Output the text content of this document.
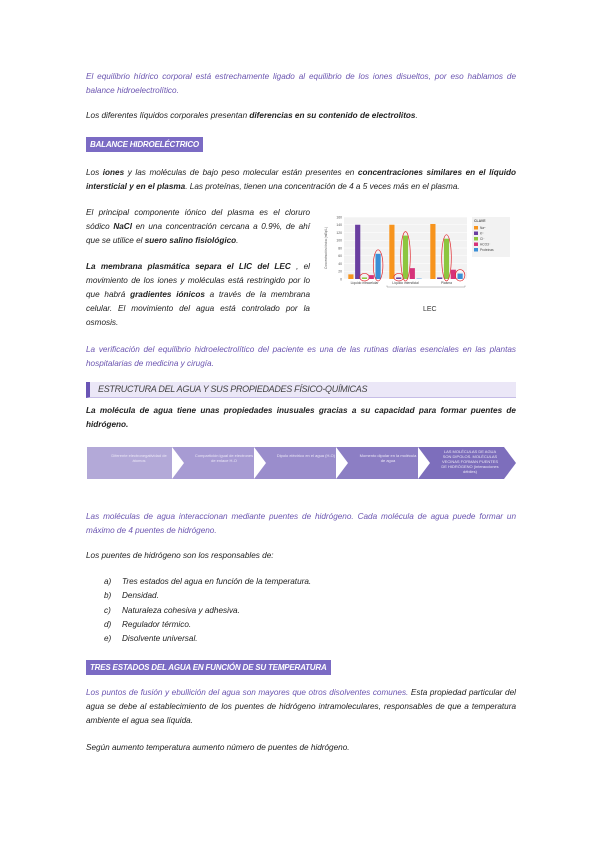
El equilibrio hídrico corporal está estrechamente ligado al equilibrio de los iones disueltos, por eso hablamos de balance hidroelectrolítico.
Los diferentes líquidos corporales presentan diferencias en su contenido de electrolitos.
BALANCE HIDROELÉCTRICO
Los iones y las moléculas de bajo peso molecular están presentes en concentraciones similares en el líquido intersticial y en el plasma. Las proteínas, tienen una concentración de 4 a 5 veces más en el plasma.
El principal componente iónico del plasma es el cloruro sódico NaCl en una concentración cercana a 0.9%, de ahí que se utilice el suero salino fisiológico.
La membrana plasmática separa el LIC del LEC , el movimiento de los iones y moléculas está restringido por lo que habrá gradientes iónicos a través de la membrana celular. El movimiento del agua está controlado por la osmosis.
0
20
40
60
80
100
120
140
160
Concentración iónica (mEq/L)
Líquido intracelular	Líquido intersticial	Plasma
CLAVE
Na⁺
K⁺
Cl⁻
HCO3⁻
Proteínas
LEC
La verificación del equilibrio hidroelectrolítico del paciente es una de las rutinas diarias esenciales en las plantas hospitalarias de medicina y cirugía.
ESTRUCTURA DEL AGUA Y SUS PROPIEDADES FÍSICO-QUÍMICAS
La molécula de agua tiene unas propiedades inusuales gracias a su capacidad para formar puentes de hidrógeno.
Diferente electronegatividad de átomos
Compartición igual de electrones de enlace H-O
Dipolo eléctrico en el agua (H-O)	Momento dipolar en la molécula de agua
LAS MOLÉCULAS DE AGUA SON DIPOLOS. MOLÉCULAS VECINAS FORMAN PUENTES DE HIDRÓGENO (interacciones débiles)
Las moléculas de agua interaccionan mediante puentes de hidrógeno. Cada molécula de agua puede formar un máximo de 4 puentes de hidrógeno.
Los puentes de hidrógeno son los responsables de:
a) Tres estados del agua en función de la temperatura.
b) Densidad.
c) Naturaleza cohesiva y adhesiva.
d) Regulador térmico.
e) Disolvente universal.
TRES ESTADOS DEL AGUA EN FUNCIÓN DE SU TEMPERATURA
Los puntos de fusión y ebullición del agua son mayores que otros disolventes comunes. Esta propiedad particular del agua se debe al establecimiento de los puentes de hidrógeno intramoleculares, responsables de que a temperatura ambiente el agua sea líquida.
Según aumento temperatura aumento número de puentes de hidrógeno.
